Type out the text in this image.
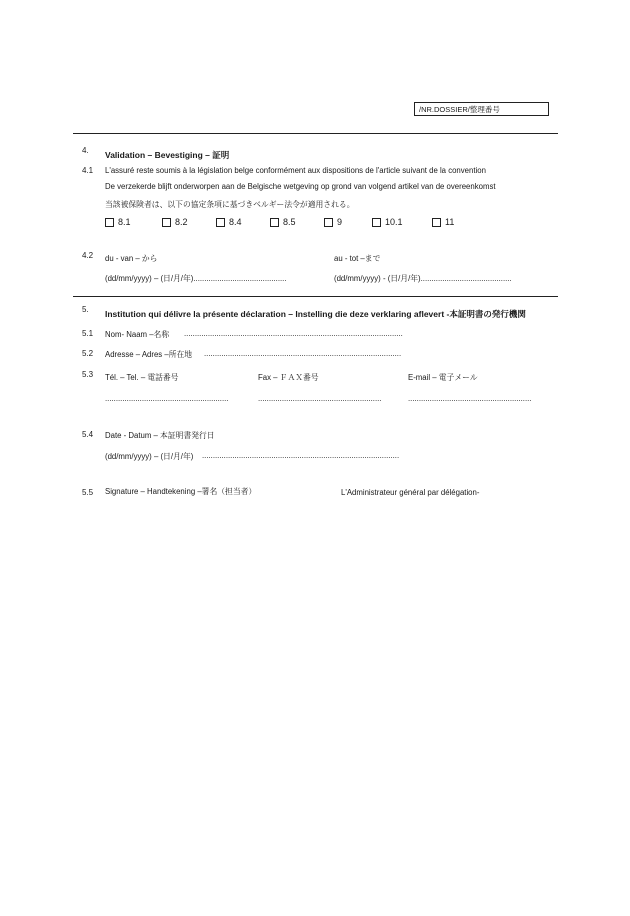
/NR.DOSSIER/整理番号
4. Validation – Bevestiging – 証明
4.1 L'assuré reste soumis à la législation belge conformément aux dispositions de l'article suivant de la convention
De verzekerde blijft onderworpen aan de Belgische wetgeving op grond van volgend artikel van de overeenkomst
当該被保険者は、以下の協定条項に基づきベルギー法令が適用される。
8.1	8.2	8.4	8.5	9	10.1	11
4.2 du - van – から
(dd/mm/yyyy) – (日/月/年)...........................................
au - tot –まで
(dd/mm/yyyy) - (日/月/年)..........................................
5. Institution qui délivre la présente déclaration – Instelling die deze verklaring aflevert -本証明書の発行機関
5.1 Nom- Naam –名称 .....................................................................................................
5.2 Adresse – Adres –所在地 ...........................................................................................
5.3 Tél. – Tel. – 電話番号	Fax – ＦＡＸ番号	E-mail – 電子メール
.........................................................	.........................................................	.........................................................
5.4 Date - Datum – 本証明書発行日
(dd/mm/yyyy) – (日/月/年) ...........................................................................................
5.5 Signature – Handtekening –署名（担当者）	L'Administrateur général par délégation-
